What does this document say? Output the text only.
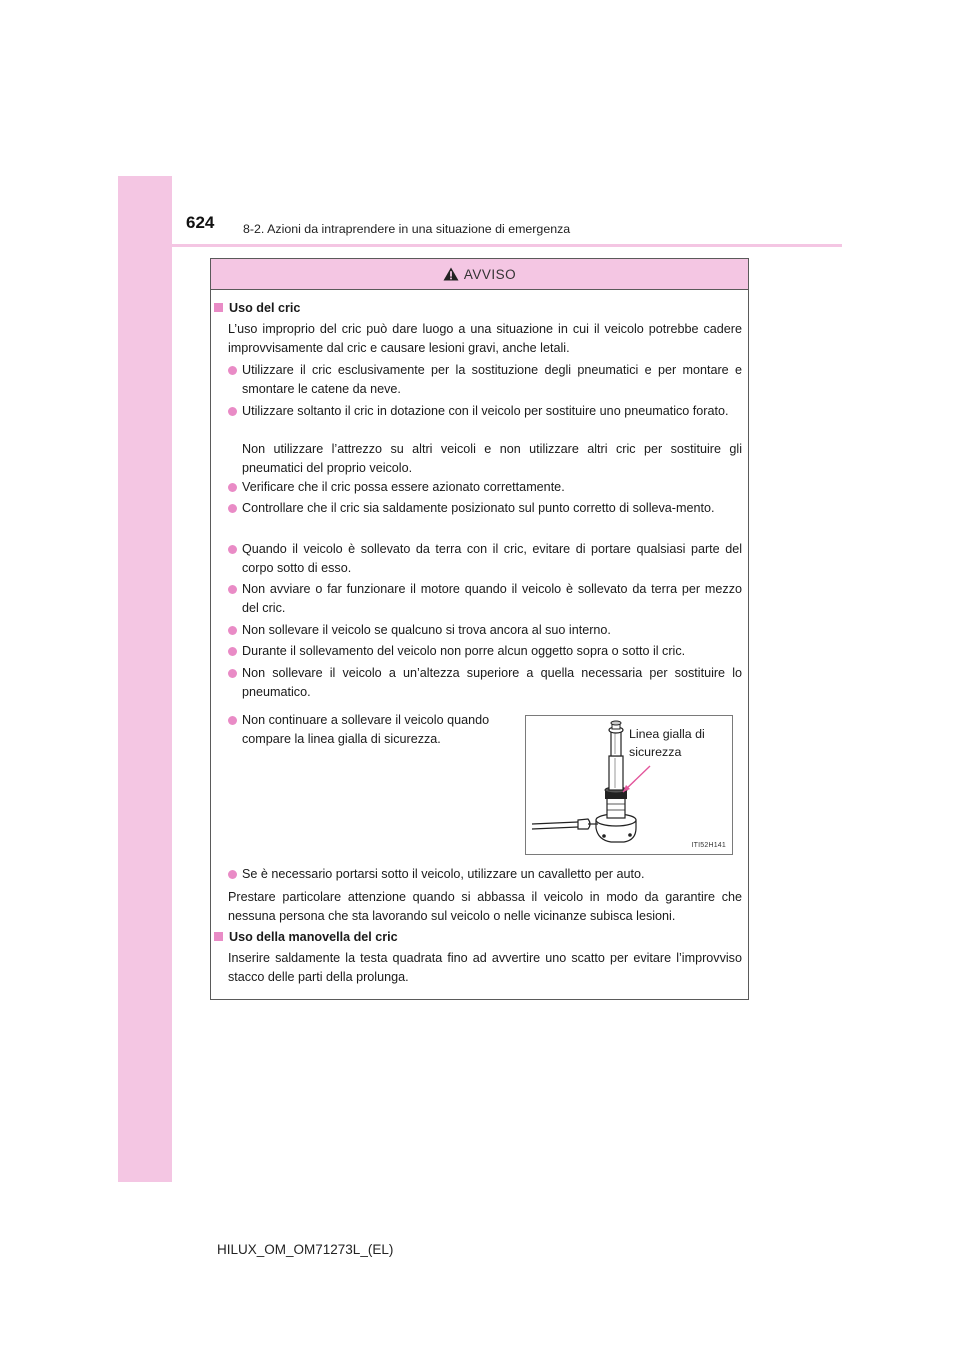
624 8-2. Azioni da intraprendere in una situazione di emergenza
AVVISO
Uso del cric
L’uso improprio del cric può dare luogo a una situazione in cui il veicolo potrebbe cadere improvvisamente dal cric e causare lesioni gravi, anche letali.
Utilizzare il cric esclusivamente per la sostituzione degli pneumatici e per montare e smontare le catene da neve.
Utilizzare soltanto il cric in dotazione con il veicolo per sostituire uno pneumatico forato.
Non utilizzare l’attrezzo su altri veicoli e non utilizzare altri cric per sostituire gli pneumatici del proprio veicolo.
Verificare che il cric possa essere azionato correttamente.
Controllare che il cric sia saldamente posizionato sul punto corretto di solleva-mento.
Quando il veicolo è sollevato da terra con il cric, evitare di portare qualsiasi parte del corpo sotto di esso.
Non avviare o far funzionare il motore quando il veicolo è sollevato da terra per mezzo del cric.
Non sollevare il veicolo se qualcuno si trova ancora al suo interno.
Durante il sollevamento del veicolo non porre alcun oggetto sopra o sotto il cric.
Non sollevare il veicolo a un’altezza superiore a quella necessaria per sostituire lo pneumatico.
Non continuare a sollevare il veicolo quando compare la linea gialla di sicurezza.
Se è necessario portarsi sotto il veicolo, utilizzare un cavalletto per auto.
Prestare particolare attenzione quando si abbassa il veicolo in modo da garantire che nessuna persona che sta lavorando sul veicolo o nelle vicinanze subisca lesioni.
Uso della manovella del cric
Inserire saldamente la testa quadrata fino ad avvertire uno scatto per evitare l’improvviso stacco delle parti della prolunga.
Linea gialla di sicurezza
ITI52H141
HILUX_OM_OM71273L_(EL)
